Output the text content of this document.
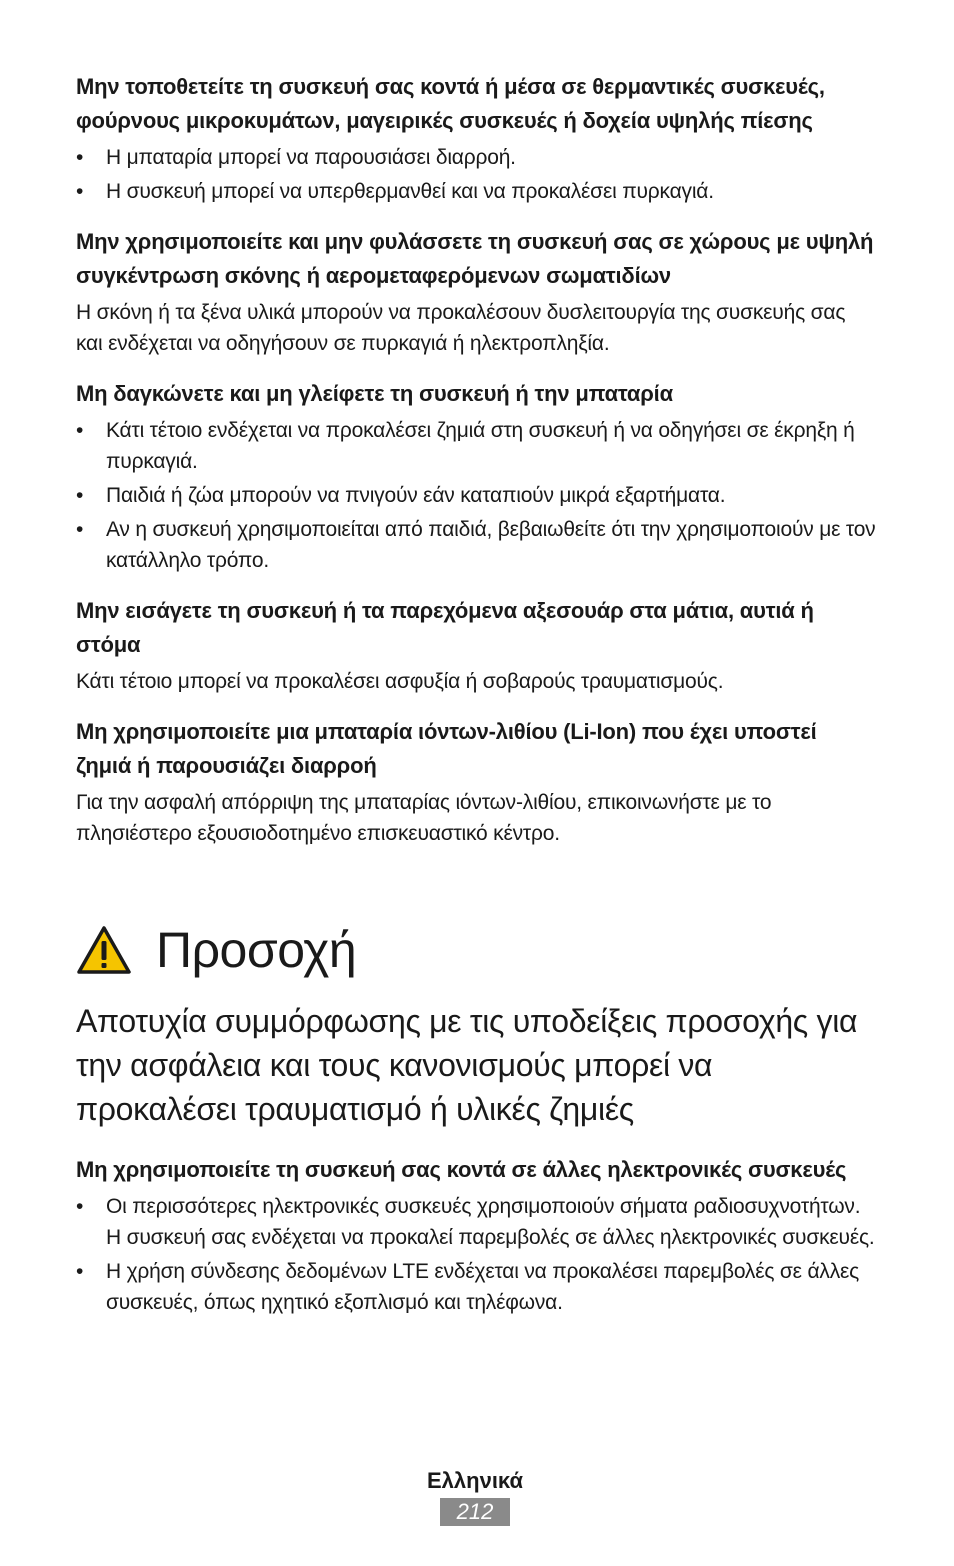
Μην τοποθετείτε τη συσκευή σας κοντά ή μέσα σε θερμαντικές συσκευές, φούρνους μικροκυμάτων, μαγειρικές συσκευές ή δοχεία υψηλής πίεσης

• Η μπαταρία μπορεί να παρουσιάσει διαρροή.
• Η συσκευή μπορεί να υπερθερμανθεί και να προκαλέσει πυρκαγιά.

Μην χρησιμοποιείτε και μην φυλάσσετε τη συσκευή σας σε χώρους με υψηλή συγκέντρωση σκόνης ή αερομεταφερόμενων σωματιδίων

Η σκόνη ή τα ξένα υλικά μπορούν να προκαλέσουν δυσλειτουργία της συσκευής σας και ενδέχεται να οδηγήσουν σε πυρκαγιά ή ηλεκτροπληξία.

Μη δαγκώνετε και μη γλείφετε τη συσκευή ή την μπαταρία

• Κάτι τέτοιο ενδέχεται να προκαλέσει ζημιά στη συσκευή ή να οδηγήσει σε έκρηξη ή πυρκαγιά.
• Παιδιά ή ζώα μπορούν να πνιγούν εάν καταπιούν μικρά εξαρτήματα.
• Αν η συσκευή χρησιμοποιείται από παιδιά, βεβαιωθείτε ότι την χρησιμοποιούν με τον κατάλληλο τρόπο.

Μην εισάγετε τη συσκευή ή τα παρεχόμενα αξεσουάρ στα μάτια, αυτιά ή στόμα

Κάτι τέτοιο μπορεί να προκαλέσει ασφυξία ή σοβαρούς τραυματισμούς.

Μη χρησιμοποιείτε μια μπαταρία ιόντων-λιθίου (Li-Ion) που έχει υποστεί ζημιά ή παρουσιάζει διαρροή

Για την ασφαλή απόρριψη της μπαταρίας ιόντων-λιθίου, επικοινωνήστε με το πλησιέστερο εξουσιοδοτημένο επισκευαστικό κέντρο.

Προσοχή

Αποτυχία συμμόρφωσης με τις υποδείξεις προσοχής για την ασφάλεια και τους κανονισμούς μπορεί να προκαλέσει τραυματισμό ή υλικές ζημιές

Μη χρησιμοποιείτε τη συσκευή σας κοντά σε άλλες ηλεκτρονικές συσκευές

• Οι περισσότερες ηλεκτρονικές συσκευές χρησιμοποιούν σήματα ραδιοσυχνοτήτων. Η συσκευή σας ενδέχεται να προκαλεί παρεμβολές σε άλλες ηλεκτρονικές συσκευές.
• Η χρήση σύνδεσης δεδομένων LTE ενδέχεται να προκαλέσει παρεμβολές σε άλλες συσκευές, όπως ηχητικό εξοπλισμό και τηλέφωνα.
Ελληνικά
212
